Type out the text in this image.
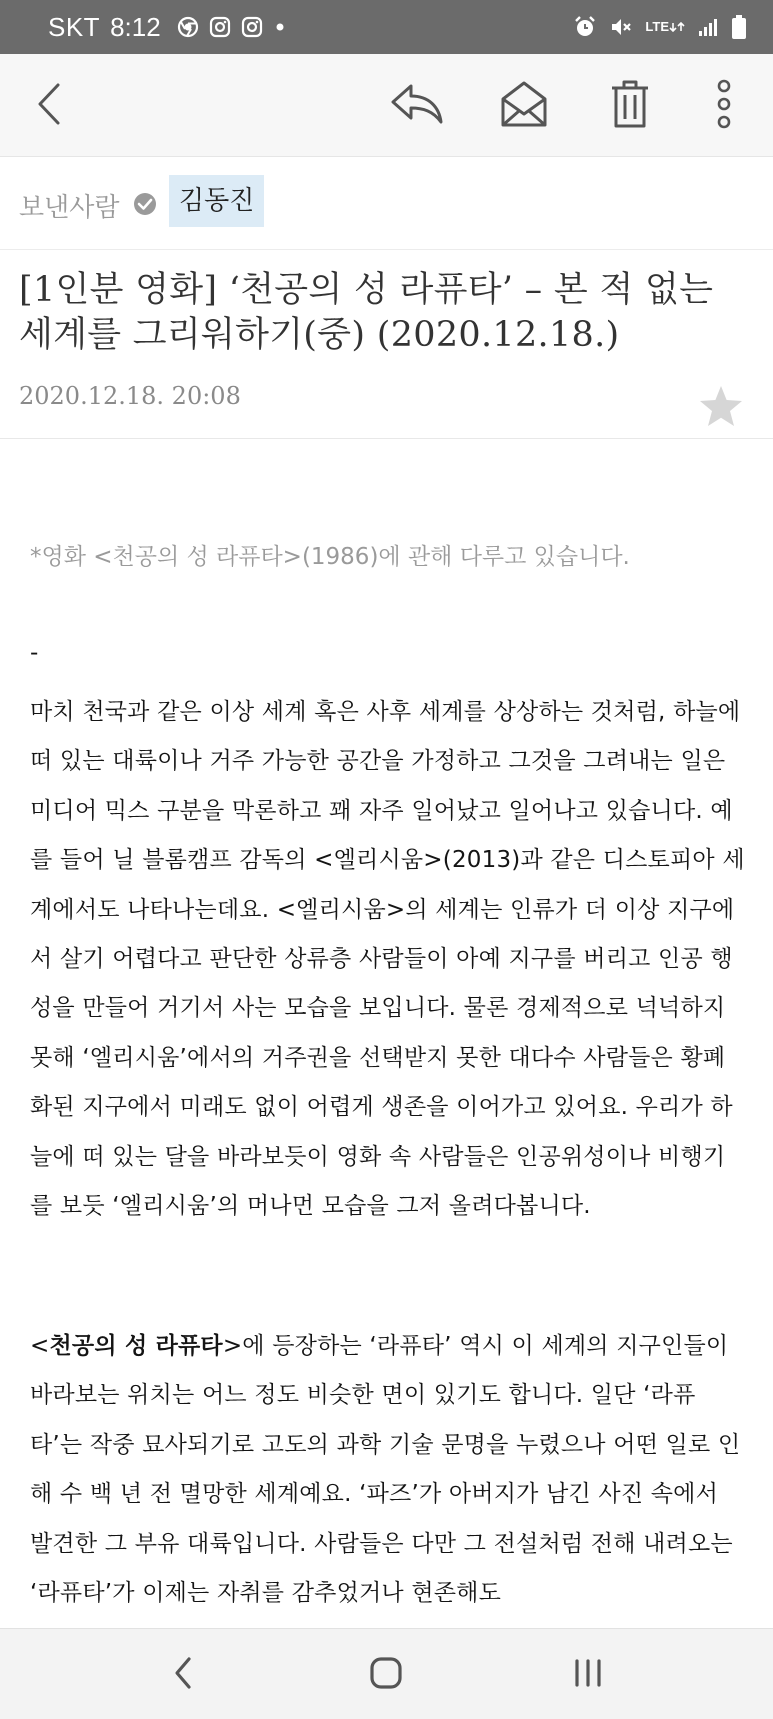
SKT 8:12	LTE

보낸사람	김동진
[1인분 영화] ‘천공의 성 라퓨타’ – 본 적 없는 세계를 그리워하기(중) (2020.12.18.)
2020.12.18. 20:08
*영화 <천공의 성 라퓨타>(1986)에 관해 다루고 있습니다.
-
마치 천국과 같은 이상 세계 혹은 사후 세계를 상상하는 것처럼, 하늘에 떠 있는 대륙이나 거주 가능한 공간을 가정하고 그것을 그려내는 일은 미디어 믹스 구분을 막론하고 꽤 자주 일어났고 일어나고 있습니다. 예를 들어 닐 블롬캠프 감독의 <엘리시움>(2013)과 같은 디스토피아 세계에서도 나타나는데요. <엘리시움>의 세계는 인류가 더 이상 지구에서 살기 어렵다고 판단한 상류층 사람들이 아예 지구를 버리고 인공 행성을 만들어 거기서 사는 모습을 보입니다. 물론 경제적으로 넉넉하지 못해 ‘엘리시움’에서의 거주권을 선택받지 못한 대다수 사람들은 황폐화된 지구에서 미래도 없이 어렵게 생존을 이어가고 있어요. 우리가 하늘에 떠 있는 달을 바라보듯이 영화 속 사람들은 인공위성이나 비행기를 보듯 ‘엘리시움’의 머나먼 모습을 그저 올려다봅니다.
<천공의 성 라퓨타>에 등장하는 ‘라퓨타’ 역시 이 세계의 지구인들이 바라보는 위치는 어느 정도 비슷한 면이 있기도 합니다. 일단 ‘라퓨타’는 작중 묘사되기로 고도의 과학 기술 문명을 누렸으나 어떤 일로 인해 수 백 년 전 멸망한 세계예요. ‘파즈’가 아버지가 남긴 사진 속에서 발견한 그 부유 대륙입니다. 사람들은 다만 그 전설처럼 전해 내려오는 ‘라퓨타’가 이제는 자취를 감추었거나 현존해도
